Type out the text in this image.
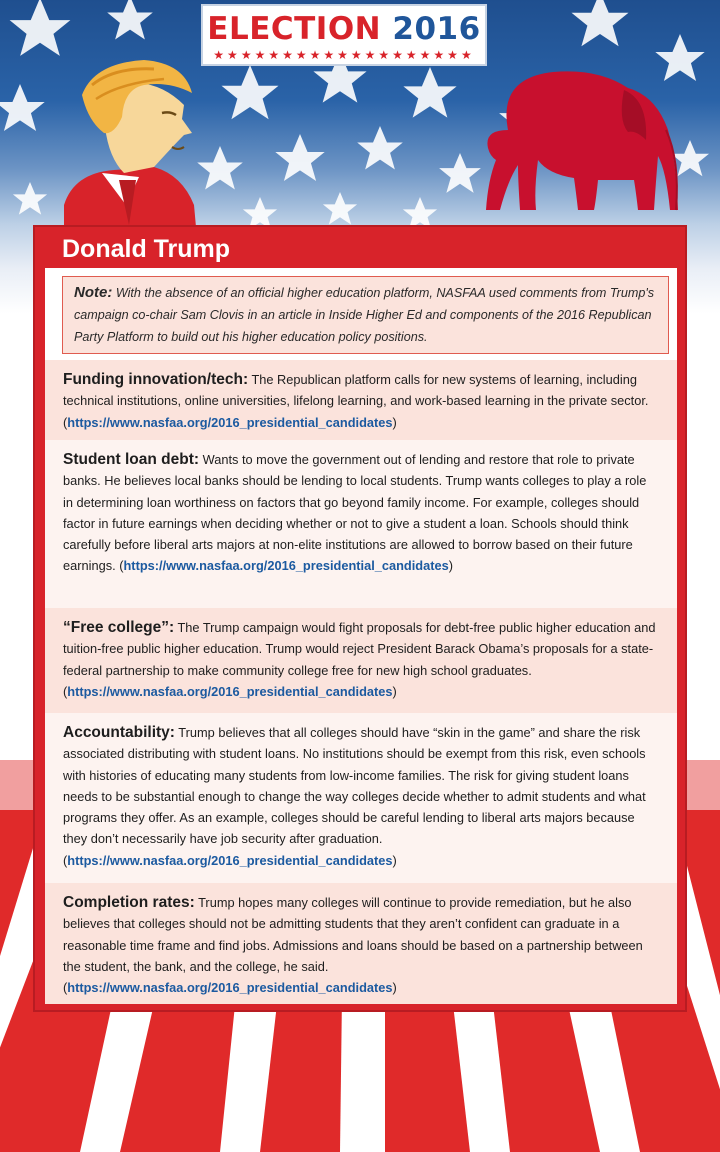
ELECTION 2016
★★★★★★★★★★★★★★★★★★★
Donald Trump
Note: With the absence of an official higher education platform, NASFAA used comments from Trump's campaign co-chair Sam Clovis in an article in Inside Higher Ed and components of the 2016 Republican Party Platform to build out his higher education policy positions.
Funding innovation/tech: The Republican platform calls for new systems of learning, including technical institutions, online universities, lifelong learning, and work-based learning in the private sector. (https://www.nasfaa.org/2016_presidential_candidates)
Student loan debt: Wants to move the government out of lending and restore that role to private banks. He believes local banks should be lending to local students. Trump wants colleges to play a role in determining loan worthiness on factors that go beyond family income. For example, colleges should factor in future earnings when deciding whether or not to give a student a loan. Schools should think carefully before liberal arts majors at non-elite institutions are allowed to borrow based on their future earnings. (https://www.nasfaa.org/2016_presidential_candidates)
“Free college”: The Trump campaign would fight proposals for debt-free public higher education and tuition-free public higher education. Trump would reject President Barack Obama’s proposals for a state-federal partnership to make community college free for new high school graduates. (https://www.nasfaa.org/2016_presidential_candidates)
Accountability: Trump believes that all colleges should have “skin in the game” and share the risk associated distributing with student loans. No institutions should be exempt from this risk, even schools with histories of educating many students from low-income families. The risk for giving student loans needs to be substantial enough to change the way colleges decide whether to admit students and what programs they offer. As an example, colleges should be careful lending to liberal arts majors because they don’t necessarily have job security after graduation. (https://www.nasfaa.org/2016_presidential_candidates)
Completion rates: Trump hopes many colleges will continue to provide remediation, but he also believes that colleges should not be admitting students that they aren’t confident can graduate in a reasonable time frame and find jobs. Admissions and loans should be based on a partnership between the student, the bank, and the college, he said. (https://www.nasfaa.org/2016_presidential_candidates)
